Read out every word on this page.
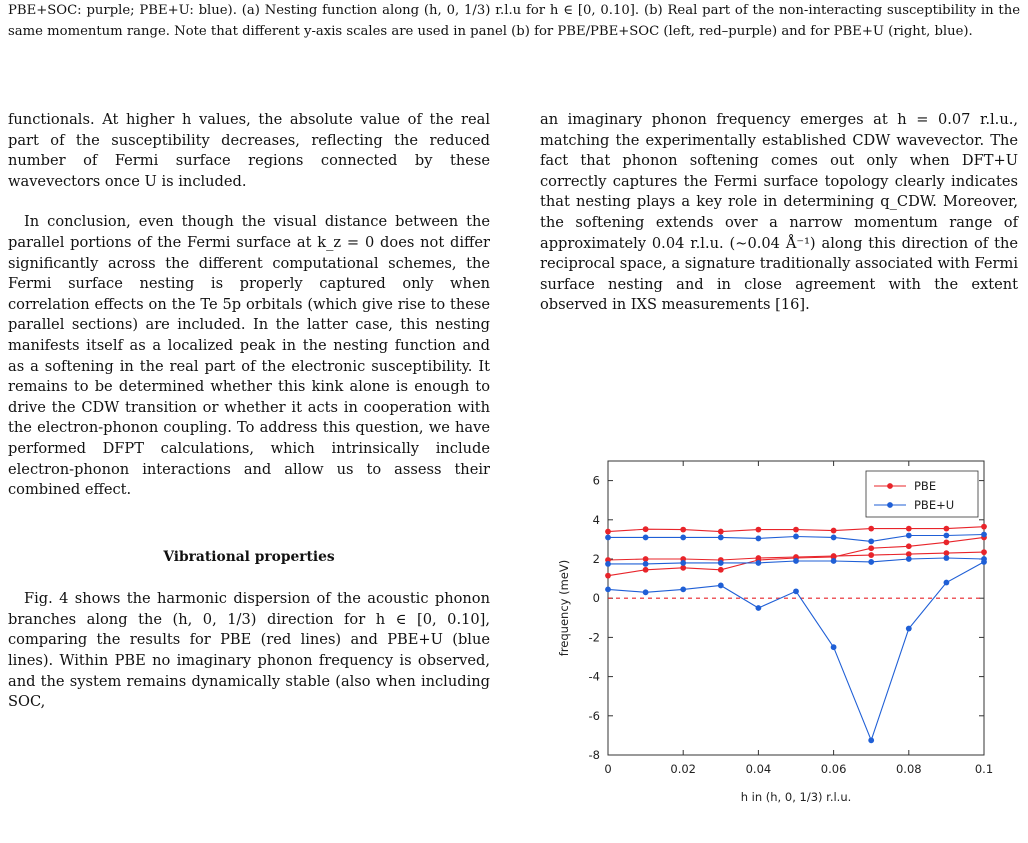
PBE+SOC: purple; PBE+U: blue). (a) Nesting function along (h, 0, 1/3) r.l.u for h ∈ [0, 0.10]. (b) Real part of the non-interacting susceptibility in the same momentum range. Note that different y-axis scales are used in panel (b) for PBE/PBE+SOC (left, red–purple) and for PBE+U (right, blue).

functionals. At higher h values, the absolute value of the real part of the susceptibility decreases, reflecting the reduced number of Fermi surface regions connected by these wavevectors once U is included.

In conclusion, even though the visual distance between the parallel portions of the Fermi surface at k_z = 0 does not differ significantly across the different computational schemes, the Fermi surface nesting is properly captured only when correlation effects on the Te 5p orbitals (which give rise to these parallel sections) are included. In the latter case, this nesting manifests itself as a localized peak in the nesting function and as a softening in the real part of the electronic susceptibility. It remains to be determined whether this kink alone is enough to drive the CDW transition or whether it acts in cooperation with the electron-phonon coupling. To address this question, we have performed DFPT calculations, which intrinsically include electron-phonon interactions and allow us to assess their combined effect.

Vibrational properties

Fig. 4 shows the harmonic dispersion of the acoustic phonon branches along the (h, 0, 1/3) direction for h ∈ [0, 0.10], comparing the results for PBE (red lines) and PBE+U (blue lines). Within PBE no imaginary phonon frequency is observed, and the system remains dynamically stable (also when including SOC,

an imaginary phonon frequency emerges at h = 0.07 r.l.u., matching the experimentally established CDW wavevector. The fact that phonon softening comes out only when DFT+U correctly captures the Fermi surface topology clearly indicates that nesting plays a key role in determining q_CDW. Moreover, the softening extends over a narrow momentum range of approximately 0.04 r.l.u. (∼0.04 Å⁻¹) along this direction of the reciprocal space, a signature traditionally associated with Fermi surface nesting and in close agreement with the extent observed in IXS measurements [16].

-8
-6
-4
-2
0
2
4
6
0	0.02	0.04	0.06	0.08	0.1
h in (h, 0, 1/3) r.l.u.
frequency (meV)
PBE
PBE+U
